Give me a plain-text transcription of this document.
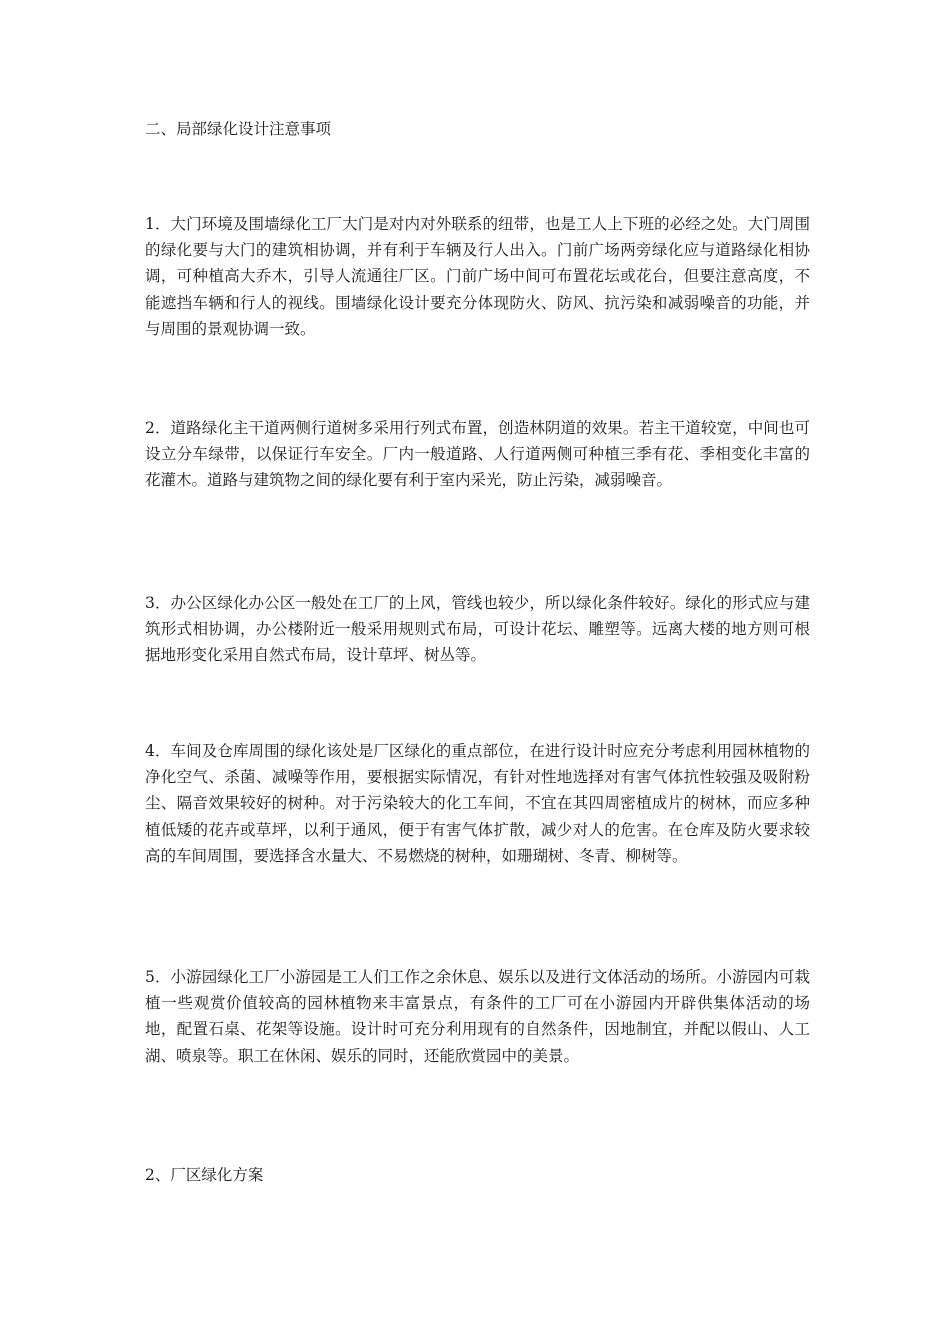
二、局部绿化设计注意事项

1．大门环境及围墙绿化工厂大门是对内对外联系的纽带，也是工人上下班的必经之处。大门周围的绿化要与大门的建筑相协调，并有利于车辆及行人出入。门前广场两旁绿化应与道路绿化相协调，可种植高大乔木，引导人流通往厂区。门前广场中间可布置花坛或花台，但要注意高度，不能遮挡车辆和行人的视线。围墙绿化设计要充分体现防火、防风、抗污染和减弱噪音的功能，并与周围的景观协调一致。

2．道路绿化主干道两侧行道树多采用行列式布置，创造林阴道的效果。若主干道较宽，中间也可设立分车绿带，以保证行车安全。厂内一般道路、人行道两侧可种植三季有花、季相变化丰富的花灌木。道路与建筑物之间的绿化要有利于室内采光，防止污染，减弱噪音。

3．办公区绿化办公区一般处在工厂的上风，管线也较少，所以绿化条件较好。绿化的形式应与建筑形式相协调，办公楼附近一般采用规则式布局，可设计花坛、雕塑等。远离大楼的地方则可根据地形变化采用自然式布局，设计草坪、树丛等。

4．车间及仓库周围的绿化该处是厂区绿化的重点部位，在进行设计时应充分考虑利用园林植物的净化空气、杀菌、减噪等作用，要根据实际情况，有针对性地选择对有害气体抗性较强及吸附粉尘、隔音效果较好的树种。对于污染较大的化工车间，不宜在其四周密植成片的树林，而应多种植低矮的花卉或草坪，以利于通风，便于有害气体扩散，减少对人的危害。在仓库及防火要求较高的车间周围，要选择含水量大、不易燃烧的树种，如珊瑚树、冬青、柳树等。

5．小游园绿化工厂小游园是工人们工作之余休息、娱乐以及进行文体活动的场所。小游园内可栽植一些观赏价值较高的园林植物来丰富景点，有条件的工厂可在小游园内开辟供集体活动的场地，配置石桌、花架等设施。设计时可充分利用现有的自然条件，因地制宜，并配以假山、人工湖、喷泉等。职工在休闲、娱乐的同时，还能欣赏园中的美景。

2、厂区绿化方案
